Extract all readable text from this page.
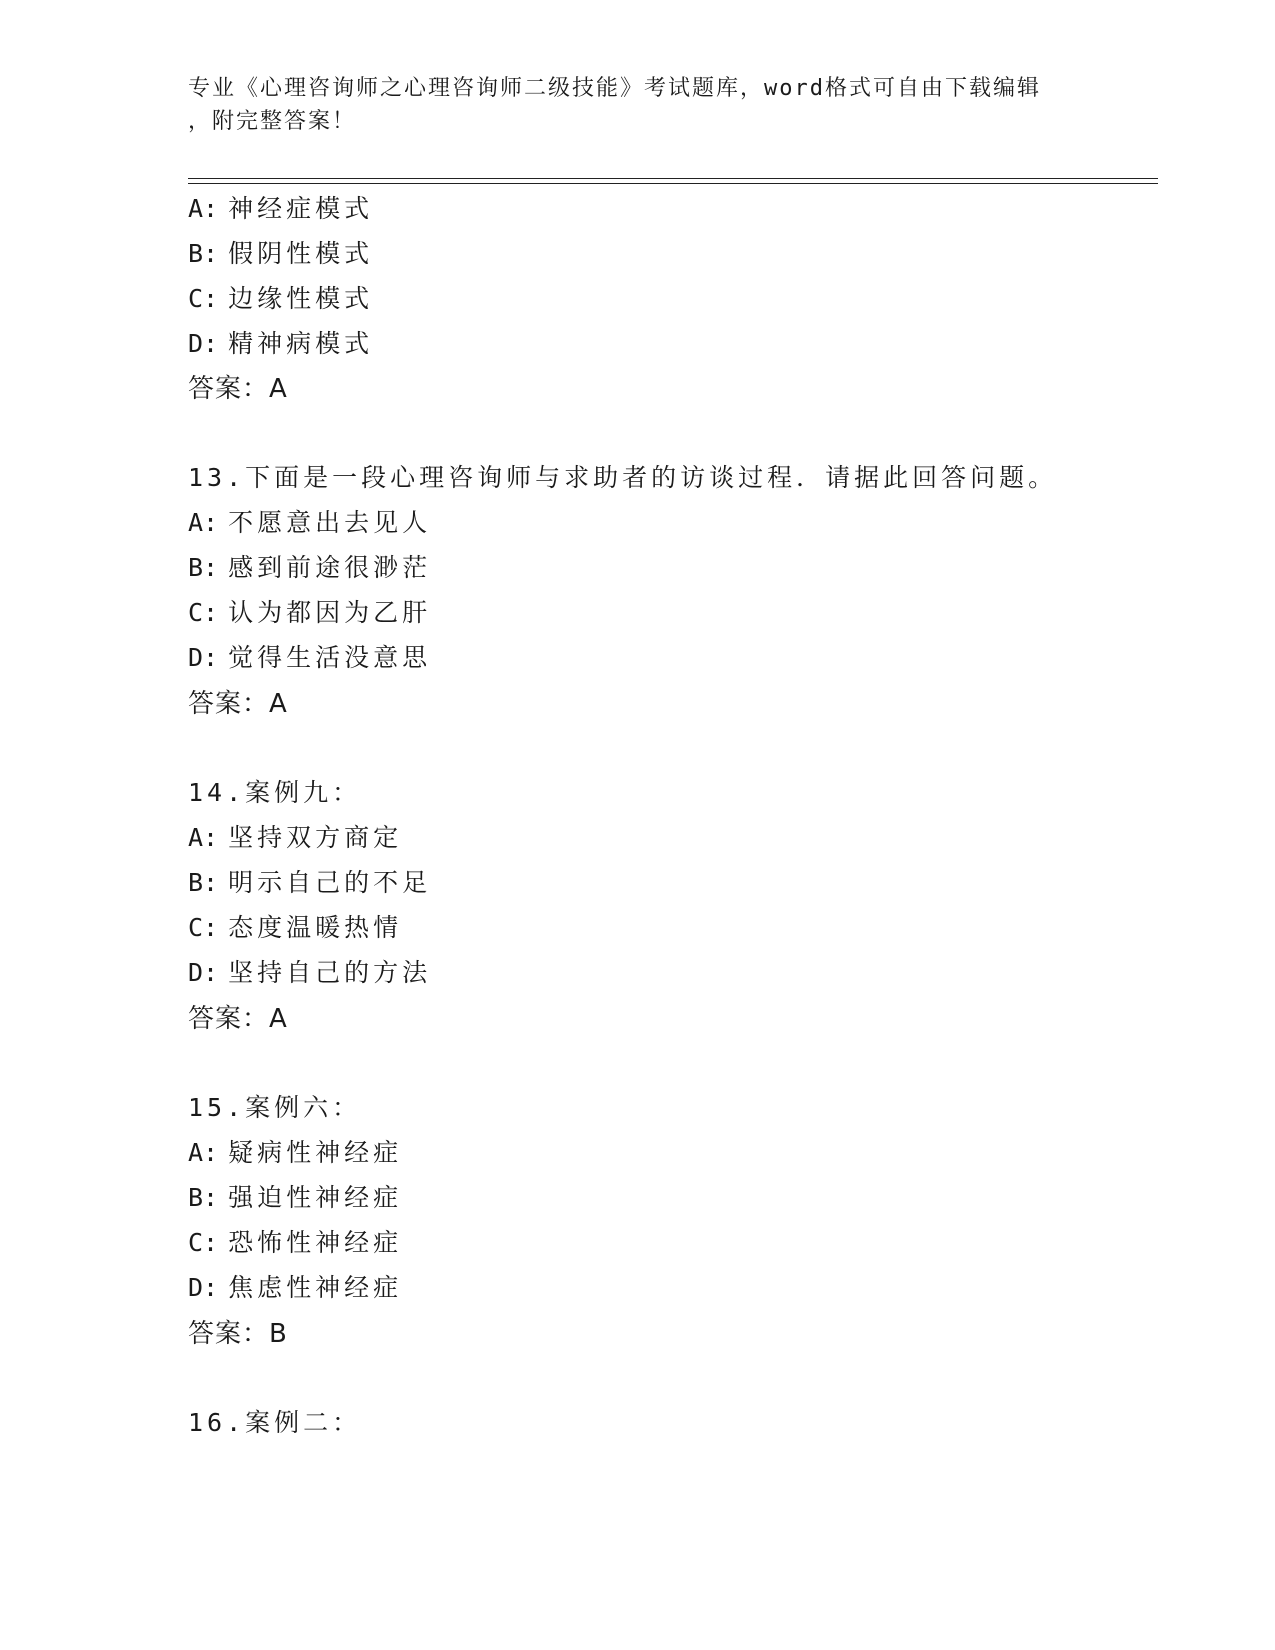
专业《心理咨询师之心理咨询师二级技能》考试题库，word格式可自由下载编辑
，附完整答案！
A: 神经症模式
B: 假阴性模式
C: 边缘性模式
D: 精神病模式
答案：A
13.下面是一段心理咨询师与求助者的访谈过程．请据此回答问题。
A: 不愿意出去见人
B: 感到前途很渺茫
C: 认为都因为乙肝
D: 觉得生活没意思
答案：A
14.案例九：
A: 坚持双方商定
B: 明示自己的不足
C: 态度温暖热情
D: 坚持自己的方法
答案：A
15.案例六：
A: 疑病性神经症
B: 强迫性神经症
C: 恐怖性神经症
D: 焦虑性神经症
答案：B
16.案例二：
